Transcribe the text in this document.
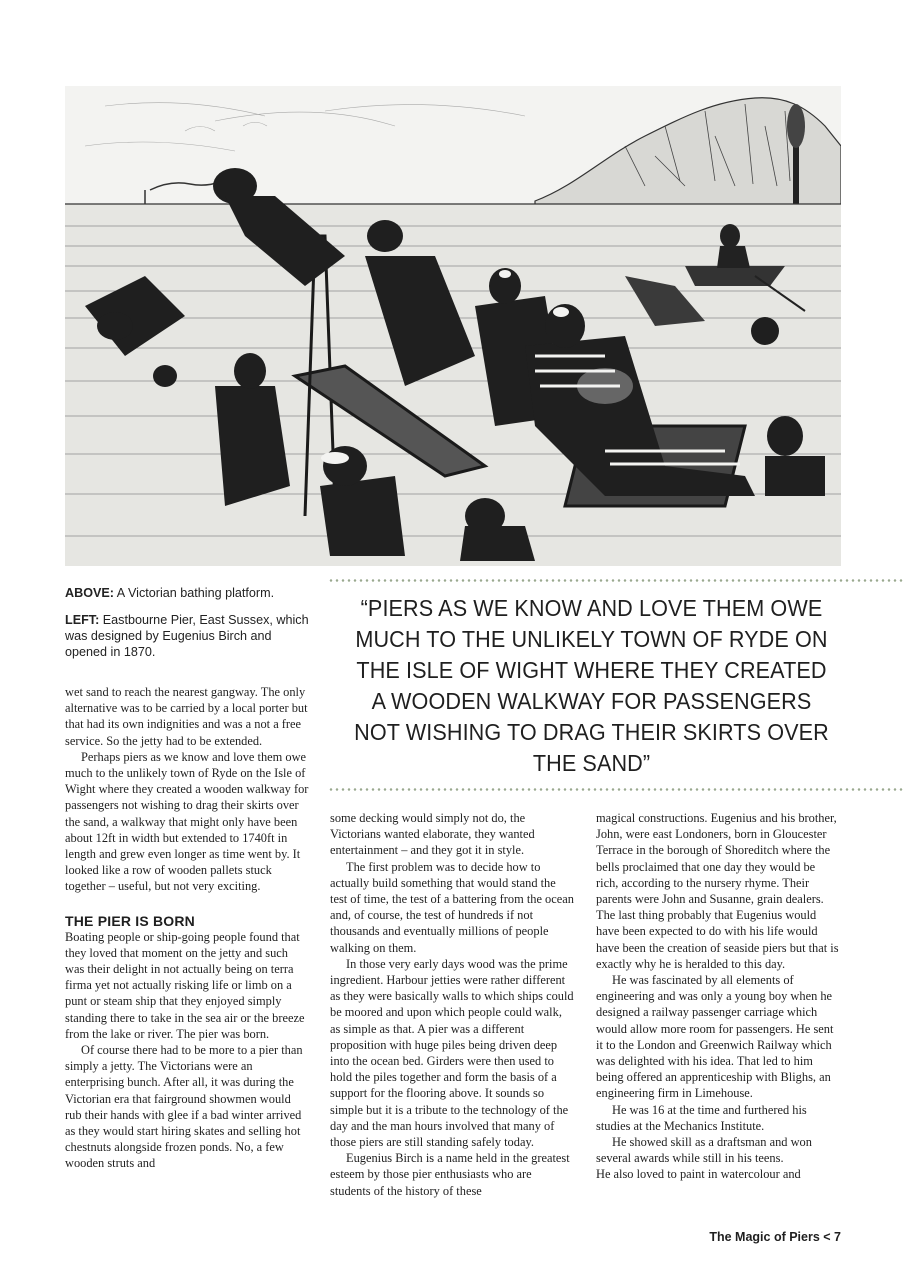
ABOVE: A Victorian bathing platform.

LEFT: Eastbourne Pier, East Sussex, which was designed by Eugenius Birch and opened in 1870.

“PIERS AS WE KNOW AND LOVE THEM OWE MUCH TO THE UNLIKELY TOWN OF RYDE ON THE ISLE OF WIGHT WHERE THEY CREATED A WOODEN WALKWAY FOR PASSENGERS NOT WISHING TO DRAG THEIR SKIRTS OVER THE SAND”

wet sand to reach the nearest gangway. The only alternative was to be carried by a local porter but that had its own indignities and was a not a free service. So the jetty had to be extended.

Perhaps piers as we know and love them owe much to the unlikely town of Ryde on the Isle of Wight where they created a wooden walkway for passengers not wishing to drag their skirts over the sand, a walkway that might only have been about 12ft in width but extended to 1740ft in length and grew even longer as time went by. It looked like a row of wooden pallets stuck together – useful, but not very exciting.

THE PIER IS BORN

Boating people or ship-going people found that they loved that moment on the jetty and such was their delight in not actually being on terra firma yet not actually risking life or limb on a punt or steam ship that they enjoyed simply standing there to take in the sea air or the breeze from the lake or river. The pier was born.

Of course there had to be more to a pier than simply a jetty. The Victorians were an enterprising bunch. After all, it was during the Victorian era that fairground showmen would rub their hands with glee if a bad winter arrived as they would start hiring skates and selling hot chestnuts alongside frozen ponds. No, a few wooden struts and

some decking would simply not do, the Victorians wanted elaborate, they wanted entertainment – and they got it in style.

The first problem was to decide how to actually build something that would stand the test of time, the test of a battering from the ocean and, of course, the test of hundreds if not thousands and eventually millions of people walking on them.

In those very early days wood was the prime ingredient. Harbour jetties were rather different as they were basically walls to which ships could be moored and upon which people could walk, as simple as that. A pier was a different proposition with huge piles being driven deep into the ocean bed. Girders were then used to hold the piles together and form the basis of a support for the flooring above. It sounds so simple but it is a tribute to the technology of the day and the man hours involved that many of those piers are still standing safely today.

Eugenius Birch is a name held in the greatest esteem by those pier enthusiasts who are students of the history of these

magical constructions. Eugenius and his brother, John, were east Londoners, born in Gloucester Terrace in the borough of Shoreditch where the bells proclaimed that one day they would be rich, according to the nursery rhyme. Their parents were John and Susanne, grain dealers. The last thing probably that Eugenius would have been expected to do with his life would have been the creation of seaside piers but that is exactly why he is heralded to this day.

He was fascinated by all elements of engineering and was only a young boy when he designed a railway passenger carriage which would allow more room for passengers. He sent it to the London and Greenwich Railway which was delighted with his idea. That led to him being offered an apprenticeship with Blighs, an engineering firm in Limehouse.

He was 16 at the time and furthered his studies at the Mechanics Institute.

He showed skill as a draftsman and won several awards while still in his teens.

He also loved to paint in watercolour and

The Magic of Piers < 7
